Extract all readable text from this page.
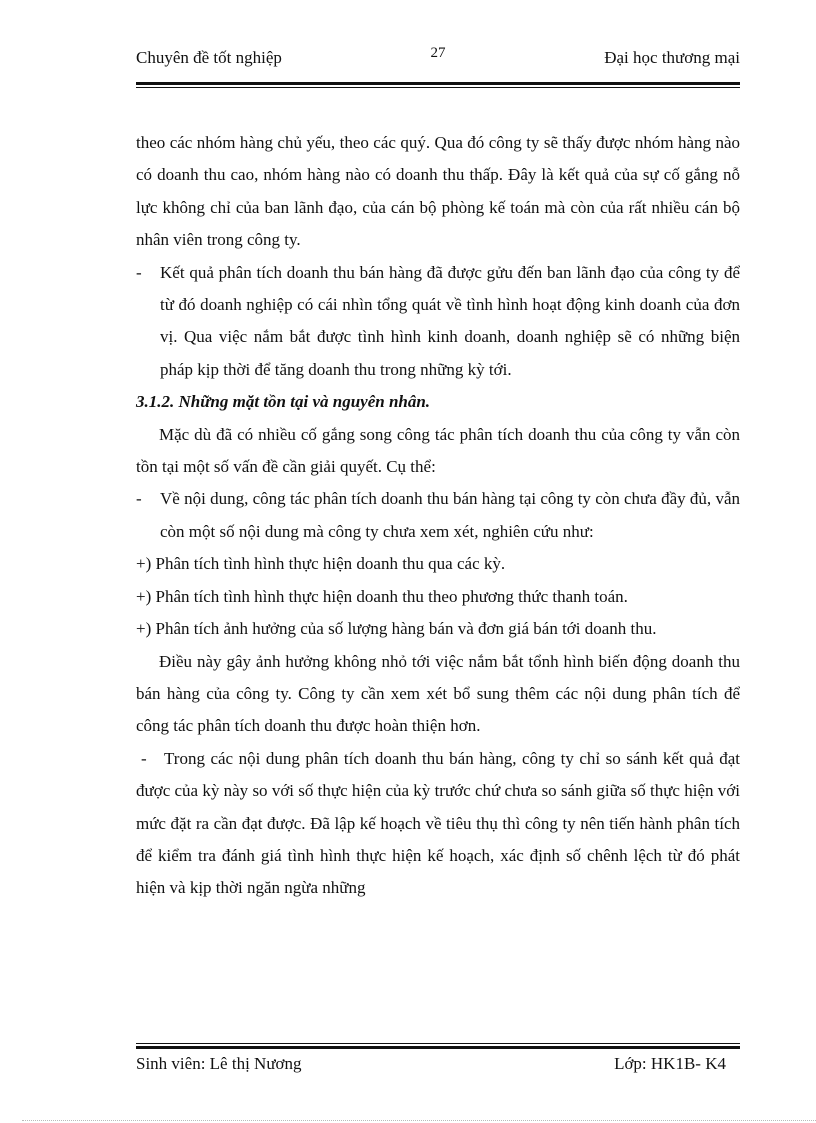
Chuyên đề tốt nghiệp	27	Đại học thương mại

theo các nhóm hàng chủ yếu, theo các quý. Qua đó công ty sẽ thấy được nhóm hàng nào có doanh thu cao, nhóm hàng nào có doanh thu thấp. Đây là kết quả của sự cố gắng nỗ lực không chỉ của ban lãnh đạo, của cán bộ phòng kế toán mà còn của rất nhiều cán bộ nhân viên trong công ty.

- Kết quả phân tích doanh thu bán hàng đã được gửu đến ban lãnh đạo của công ty để từ đó doanh nghiệp có cái nhìn tổng quát về tình hình hoạt động kinh doanh của đơn vị. Qua việc nắm bắt được tình hình kinh doanh, doanh nghiệp sẽ có những biện pháp kịp thời để tăng doanh thu trong những kỳ tới.

3.1.2. Những mặt tồn tại và nguyên nhân.

Mặc dù đã có nhiều cố gắng song công tác phân tích doanh thu của công ty vẫn còn tồn tại một số vấn đề cần giải quyết. Cụ thể:

- Về nội dung, công tác phân tích doanh thu bán hàng tại công ty còn chưa đầy đủ, vẫn còn một số nội dung mà công ty chưa xem xét, nghiên cứu như:

+) Phân tích tình hình thực hiện doanh thu qua các kỳ.

+) Phân tích tình hình thực hiện doanh thu theo phương thức thanh toán.

+) Phân tích ảnh hưởng của số lượng hàng bán và đơn giá bán tới doanh thu.

Điều này gây ảnh hưởng không nhỏ tới việc nắm bắt tổnh hình biến động doanh thu bán hàng của công ty. Công ty cần xem xét bổ sung thêm các nội dung phân tích để công tác phân tích doanh thu được hoàn thiện hơn.

- Trong các nội dung phân tích doanh thu bán hàng, công ty chỉ so sánh kết quả đạt được của kỳ này so với số thực hiện của kỳ trước chứ chưa so sánh giữa số thực hiện với mức đặt ra cần đạt được. Đã lập kế hoạch về tiêu thụ thì công ty nên tiến hành phân tích để kiểm tra đánh giá tình hình thực hiện kế hoạch, xác định số chênh lệch từ đó phát hiện và kịp thời ngăn ngừa những

Sinh viên: Lê thị Nương	Lớp: HK1B- K4
